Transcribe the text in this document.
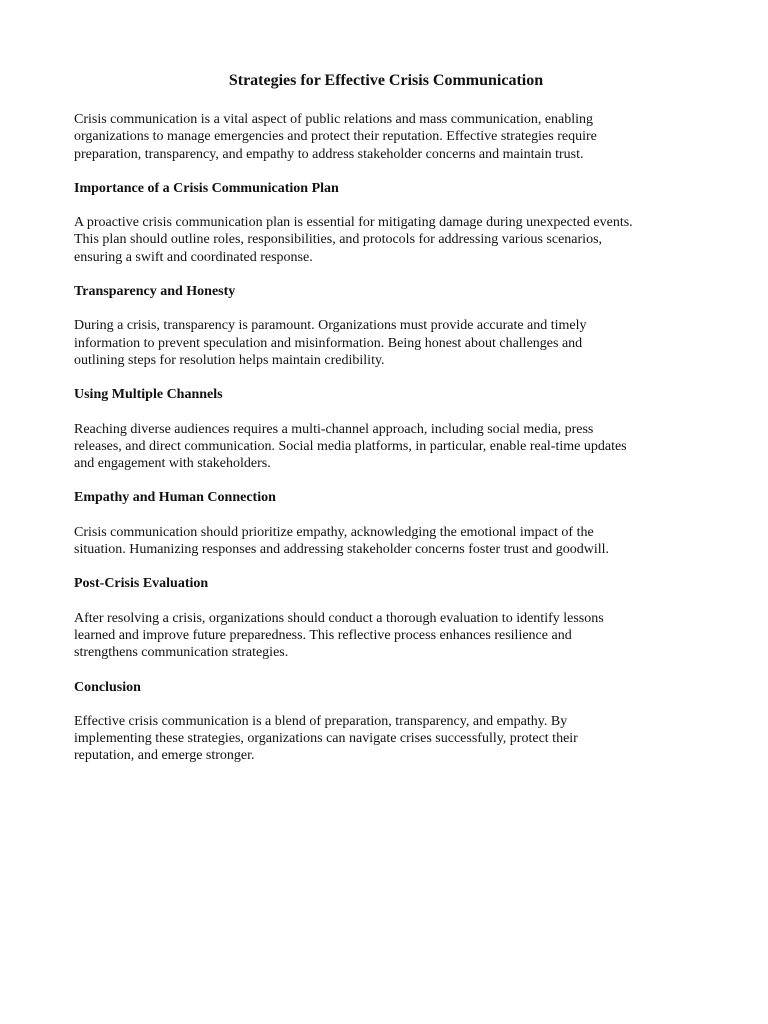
Strategies for Effective Crisis Communication

Crisis communication is a vital aspect of public relations and mass communication, enabling
organizations to manage emergencies and protect their reputation. Effective strategies require
preparation, transparency, and empathy to address stakeholder concerns and maintain trust.

Importance of a Crisis Communication Plan

A proactive crisis communication plan is essential for mitigating damage during unexpected events.
This plan should outline roles, responsibilities, and protocols for addressing various scenarios,
ensuring a swift and coordinated response.

Transparency and Honesty

During a crisis, transparency is paramount. Organizations must provide accurate and timely
information to prevent speculation and misinformation. Being honest about challenges and
outlining steps for resolution helps maintain credibility.

Using Multiple Channels

Reaching diverse audiences requires a multi-channel approach, including social media, press
releases, and direct communication. Social media platforms, in particular, enable real-time updates
and engagement with stakeholders.

Empathy and Human Connection

Crisis communication should prioritize empathy, acknowledging the emotional impact of the
situation. Humanizing responses and addressing stakeholder concerns foster trust and goodwill.

Post-Crisis Evaluation

After resolving a crisis, organizations should conduct a thorough evaluation to identify lessons
learned and improve future preparedness. This reflective process enhances resilience and
strengthens communication strategies.

Conclusion

Effective crisis communication is a blend of preparation, transparency, and empathy. By
implementing these strategies, organizations can navigate crises successfully, protect their
reputation, and emerge stronger.
